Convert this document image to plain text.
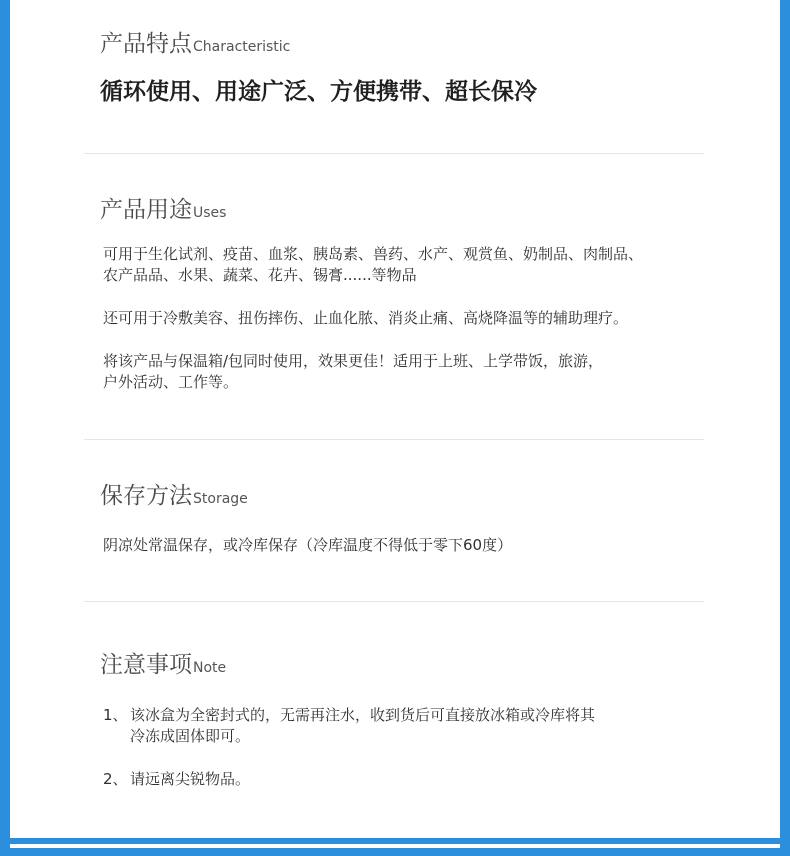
产品特点Characteristic

循环使用、用途广泛、方便携带、超长保冷

产品用途Uses

可用于生化试剂、疫苗、血浆、胰岛素、兽药、水产、观赏鱼、奶制品、肉制品、
农产品品、水果、蔬菜、花卉、锡膏......等物品

还可用于冷敷美容、扭伤摔伤、止血化脓、消炎止痛、高烧降温等的辅助理疗。

将该产品与保温箱/包同时使用，效果更佳！适用于上班、上学带饭，旅游，
户外活动、工作等。

保存方法Storage

阴凉处常温保存，或冷库保存（冷库温度不得低于零下60度）

注意事项Note
1、 该冰盒为全密封式的，无需再注水，收到货后可直接放冰箱或冷库将其
冷冻成固体即可。
2、 请远离尖锐物品。
